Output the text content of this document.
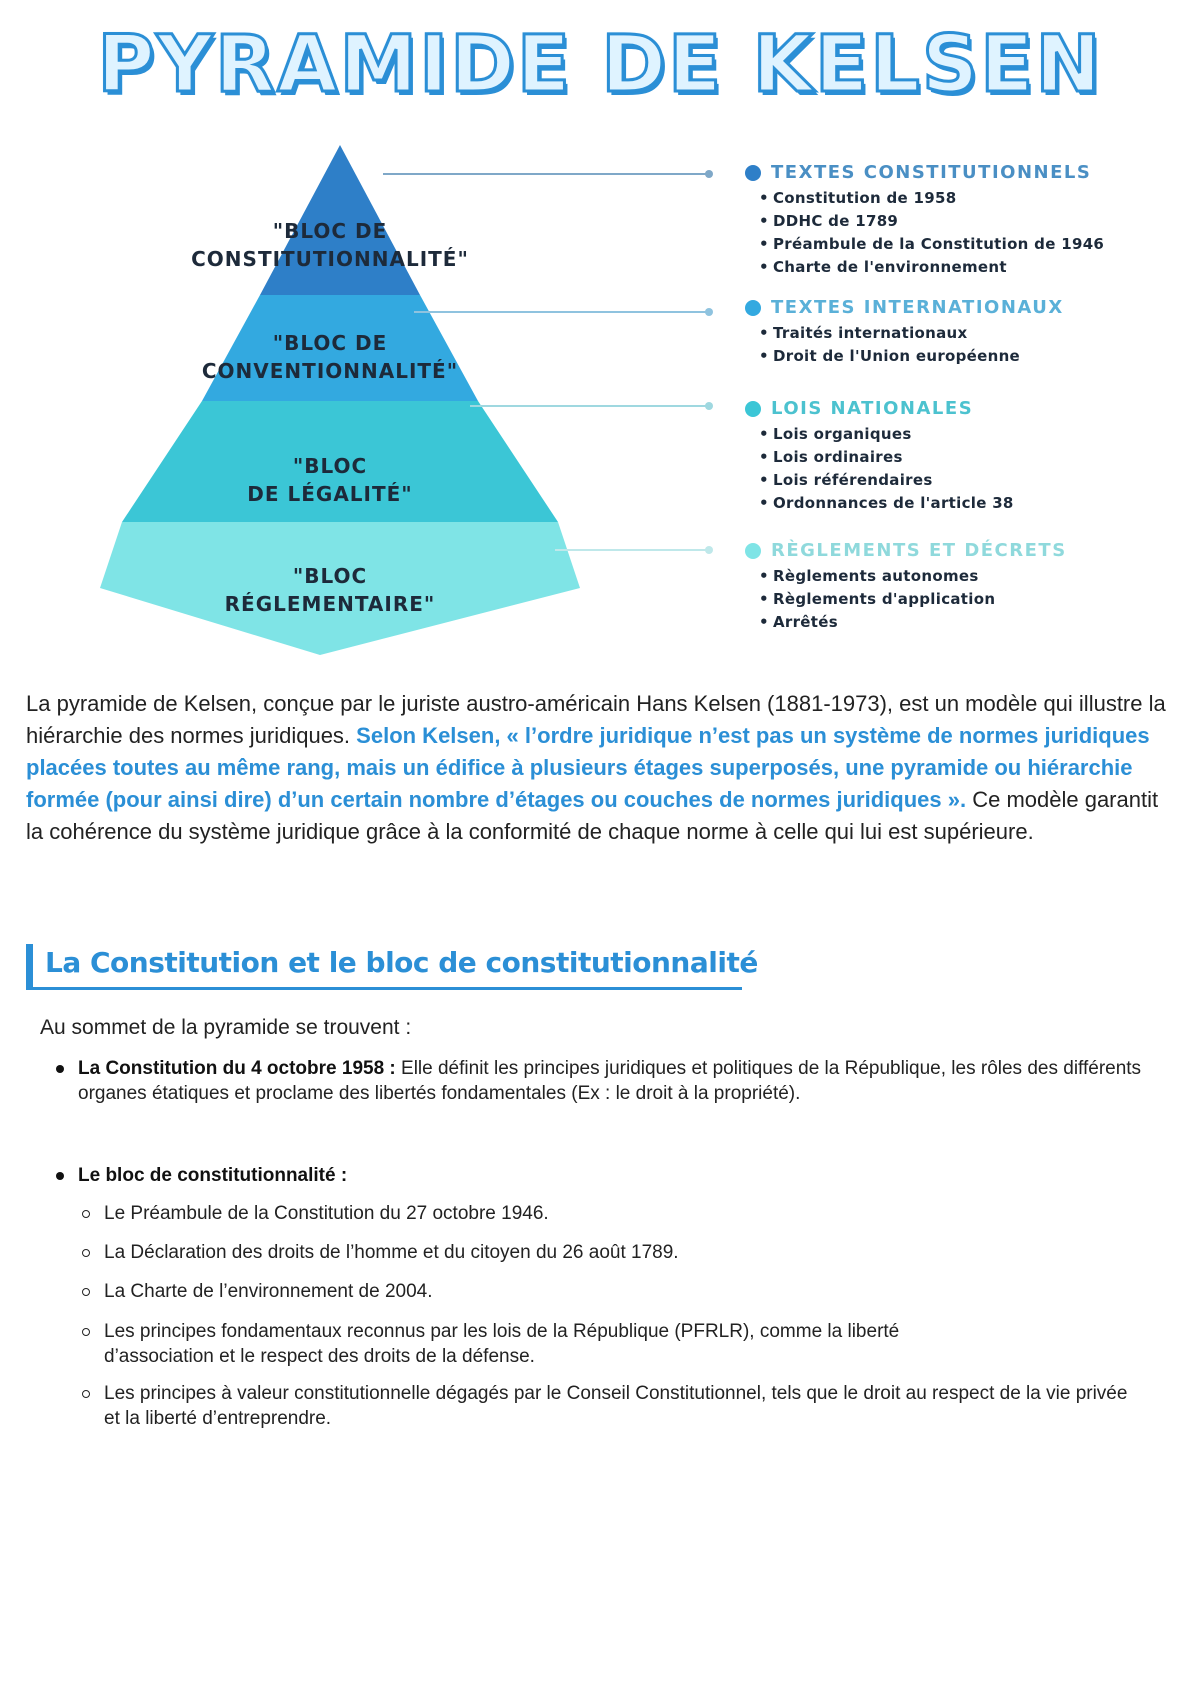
PYRAMIDE DE KELSEN
"BLOC DE
CONSTITUTIONNALITÉ"
"BLOC DE
CONVENTIONNALITÉ"
"BLOC
DE LÉGALITÉ"
"BLOC
RÉGLEMENTAIRE"
TEXTES CONSTITUTIONNELS
• Constitution de 1958
• DDHC de 1789
• Préambule de la Constitution de 1946
• Charte de l'environnement
TEXTES INTERNATIONAUX
• Traités internationaux
• Droit de l'Union européenne
LOIS NATIONALES
• Lois organiques
• Lois ordinaires
• Lois référendaires
• Ordonnances de l'article 38
RÈGLEMENTS ET DÉCRETS
• Règlements autonomes
• Règlements d'application
• Arrêtés
La pyramide de Kelsen, conçue par le juriste austro-américain Hans Kelsen (1881-1973), est un modèle qui illustre la hiérarchie des normes juridiques. Selon Kelsen, « l’ordre juridique n’est pas un système de normes juridiques placées toutes au même rang, mais un édifice à plusieurs étages superposés, une pyramide ou hiérarchie formée (pour ainsi dire) d’un certain nombre d’étages ou couches de normes juridiques ». Ce modèle garantit la cohérence du système juridique grâce à la conformité de chaque norme à celle qui lui est supérieure.
La Constitution et le bloc de constitutionnalité
Au sommet de la pyramide se trouvent :
La Constitution du 4 octobre 1958 : Elle définit les principes juridiques et politiques de la République, les rôles des différents organes étatiques et proclame des libertés fondamentales (Ex : le droit à la propriété).
Le bloc de constitutionnalité :
Le Préambule de la Constitution du 27 octobre 1946.
La Déclaration des droits de l’homme et du citoyen du 26 août 1789.
La Charte de l’environnement de 2004.
Les principes fondamentaux reconnus par les lois de la République (PFRLR), comme la liberté d’association et le respect des droits de la défense.
Les principes à valeur constitutionnelle dégagés par le Conseil Constitutionnel, tels que le droit au respect de la vie privée et la liberté d’entreprendre.
